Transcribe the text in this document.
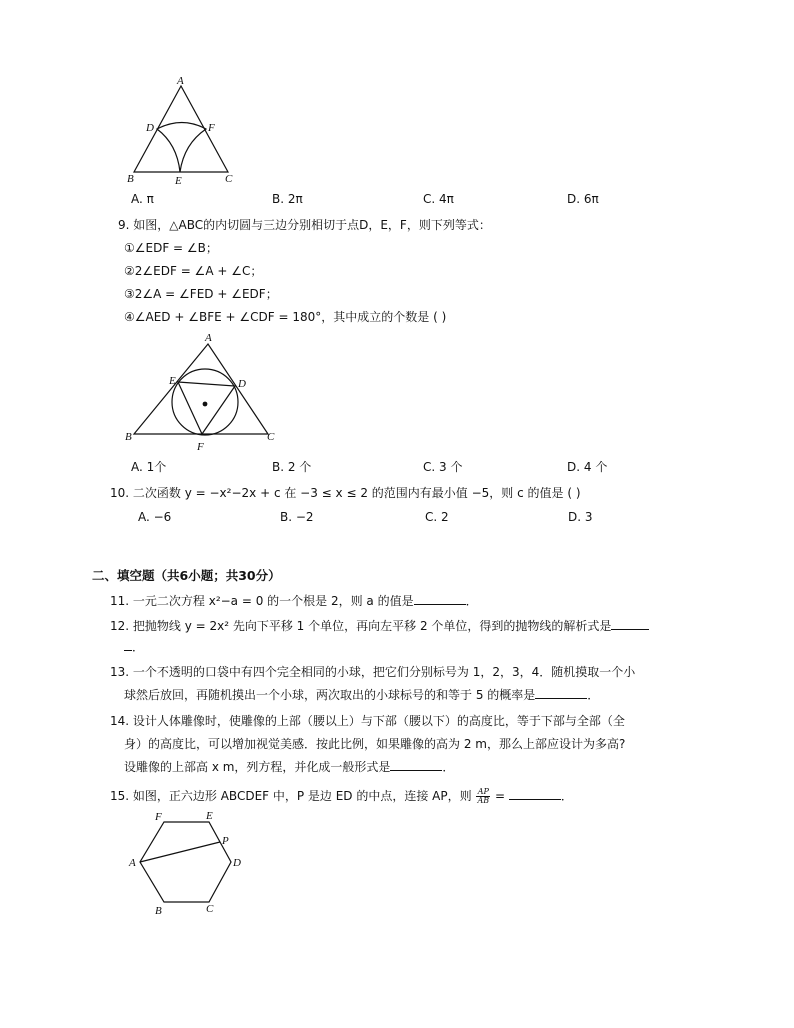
A
D	F
B	E	C
A. π	B. 2π	C. 4π	D. 6π
9. 如图，△ABC的内切圆与三边分别相切于点D，E，F，则下列等式：
①∠EDF = ∠B；
②2∠EDF = ∠A + ∠C；
③2∠A = ∠FED + ∠EDF；
④∠AED + ∠BFE + ∠CDF = 180°，其中成立的个数是 ( )
A
E	D
B
F
C
A. 1个	B. 2 个	C. 3 个	D. 4 个
10. 二次函数 y = −x²−2x + c 在 −3 ≤ x ≤ 2 的范围内有最小值 −5，则 c 的值是 ( )
A. −6	B. −2	C. 2	D. 3
二、填空题（共6小题；共30分）
11. 一元二次方程 x²−a = 0 的一个根是 2，则 a 的值是	．
12. 把抛物线 y = 2x² 先向下平移 1 个单位，再向左平移 2 个单位，得到的抛物线的解析式是
．
13. 一个不透明的口袋中有四个完全相同的小球，把它们分别标号为 1，2，3，4．随机摸取一个小
球然后放回，再随机摸出一个小球，两次取出的小球标号的和等于 5 的概率是	．
14. 设计人体雕像时，使雕像的上部（腰以上）与下部（腰以下）的高度比，等于下部与全部（全
身）的高度比，可以增加视觉美感．按此比例，如果雕像的高为 2 m，那么上部应设计为多高?
设雕像的上部高 x m，列方程，并化成一般形式是	．
15. 如图，正六边形 ABCDEF 中，P 是边 ED 的中点，连接 AP，则 $\frac{AP}{AB}$ =	．
F	E
P
A	D
B	C
